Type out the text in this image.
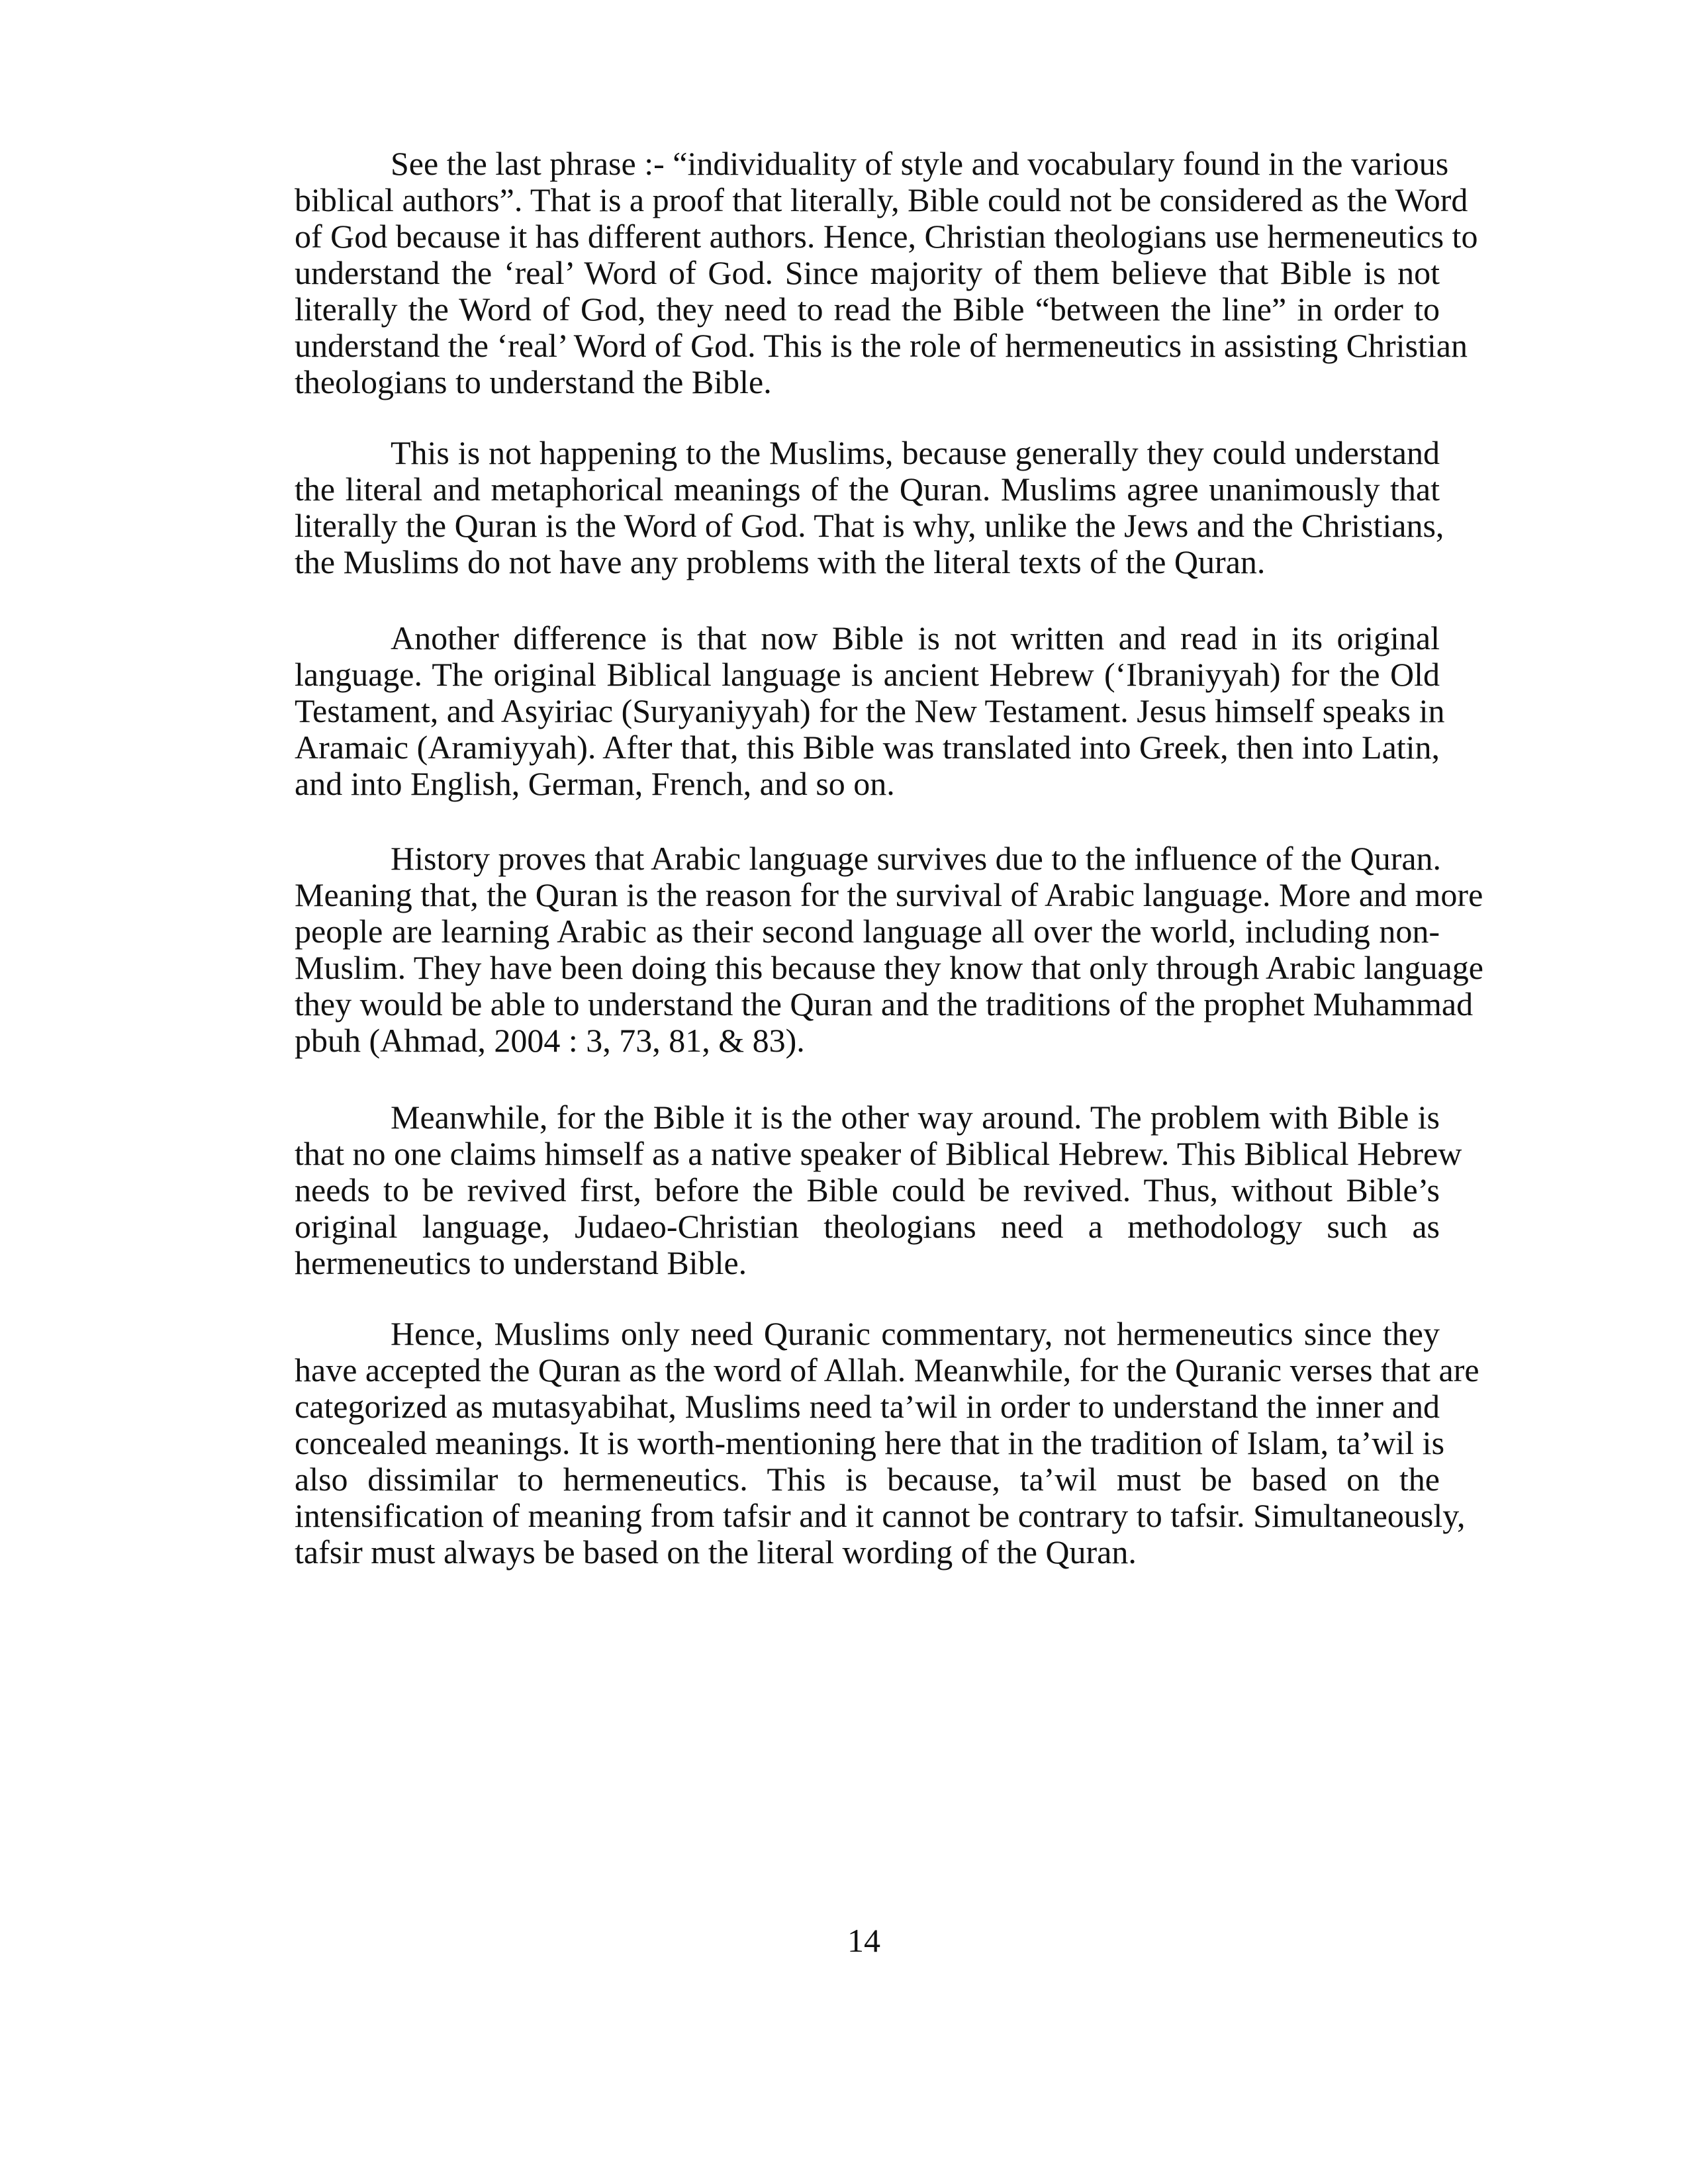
See the last phrase :- “individuality of style and vocabulary found in the various
biblical authors”. That is a proof that literally, Bible could not be considered as the Word
of God because it has different authors. Hence, Christian theologians use hermeneutics to
understand the ‘real’ Word of God. Since majority of them believe that Bible is not
literally the Word of God, they need to read the Bible “between the line” in order to
understand the ‘real’ Word of God. This is the role of hermeneutics in assisting Christian
theologians to understand the Bible.
This is not happening to the Muslims, because generally they could understand
the literal and metaphorical meanings of the Quran. Muslims agree unanimously that
literally the Quran is the Word of God. That is why, unlike the Jews and the Christians,
the Muslims do not have any problems with the literal texts of the Quran.
Another difference is that now Bible is not written and read in its original
language. The original Biblical language is ancient Hebrew (‘Ibraniyyah) for the Old
Testament, and Asyiriac (Suryaniyyah) for the New Testament. Jesus himself speaks in
Aramaic (Aramiyyah). After that, this Bible was translated into Greek, then into Latin,
and into English, German, French, and so on.
History proves that Arabic language survives due to the influence of the Quran.
Meaning that, the Quran is the reason for the survival of Arabic language. More and more
people are learning Arabic as their second language all over the world, including non-
Muslim. They have been doing this because they know that only through Arabic language
they would be able to understand the Quran and the traditions of the prophet Muhammad
pbuh (Ahmad, 2004 : 3, 73, 81, & 83).
Meanwhile, for the Bible it is the other way around. The problem with Bible is
that no one claims himself as a native speaker of Biblical Hebrew. This Biblical Hebrew
needs to be revived first, before the Bible could be revived. Thus, without Bible’s
original language, Judaeo-Christian theologians need a methodology such as
hermeneutics to understand Bible.
Hence, Muslims only need Quranic commentary, not hermeneutics since they
have accepted the Quran as the word of Allah. Meanwhile, for the Quranic verses that are
categorized as mutasyabihat, Muslims need ta’wil in order to understand the inner and
concealed meanings. It is worth-mentioning here that in the tradition of Islam, ta’wil is
also dissimilar to hermeneutics. This is because, ta’wil must be based on the
intensification of meaning from tafsir and it cannot be contrary to tafsir. Simultaneously,
tafsir must always be based on the literal wording of the Quran.
14
